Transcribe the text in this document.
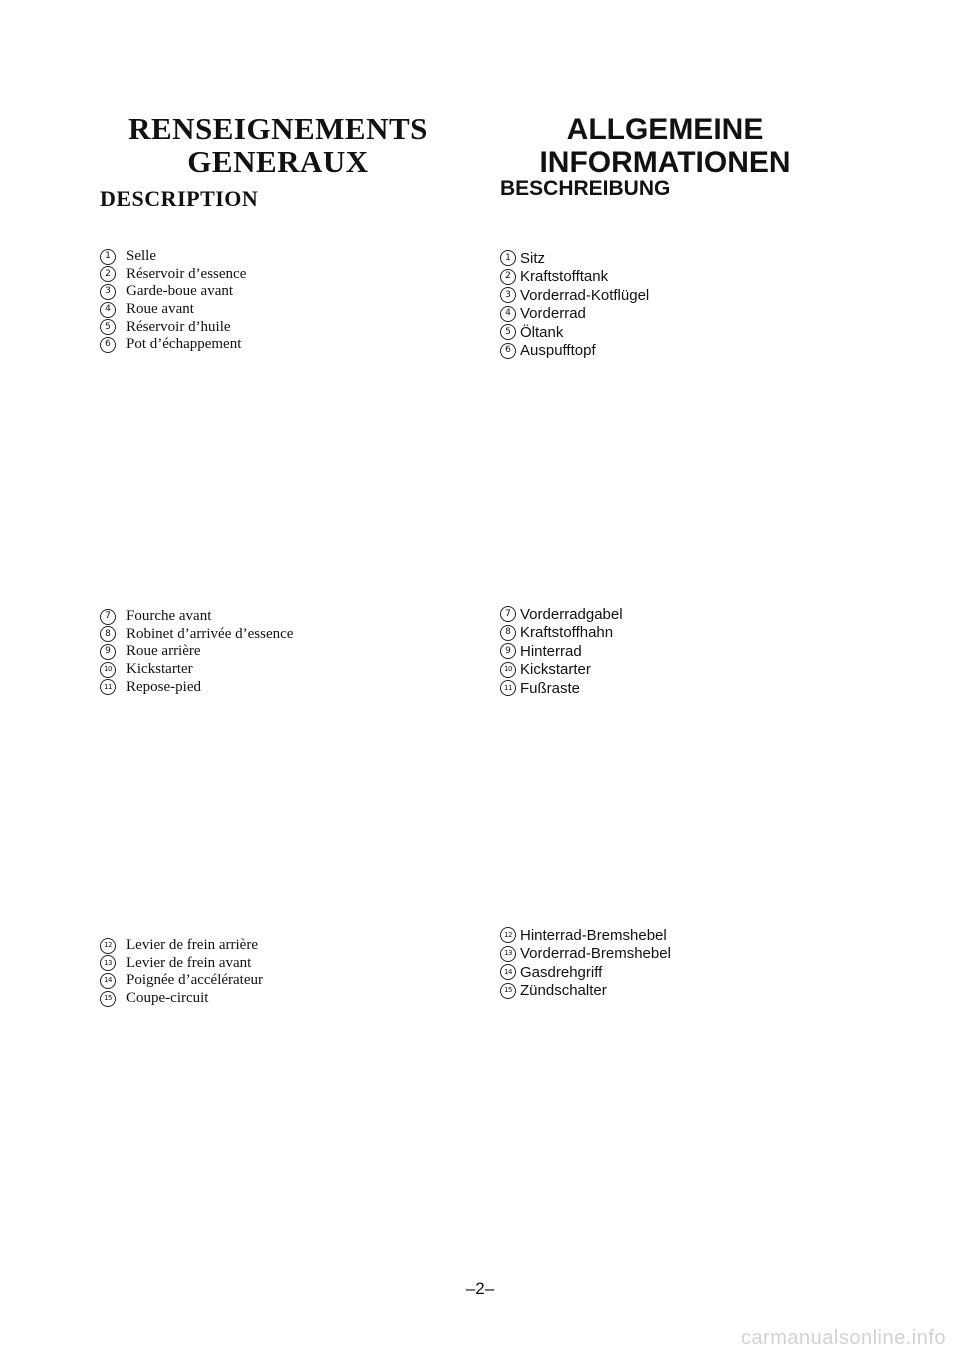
RENSEIGNEMENTS
GENERAUX
DESCRIPTION
ALLGEMEINE
INFORMATIONEN
BESCHREIBUNG
1	Selle
2	Réservoir d’essence
3	Garde-boue avant
4	Roue avant
5	Réservoir d’huile
6	Pot d’échappement
1 Sitz
2 Kraftstofftank
3 Vorderrad-Kotflügel
4 Vorderrad
5 Öltank
6 Auspufftopf
7	Fourche avant
8	Robinet d’arrivée d’essence
9	Roue arrière
10 Kickstarter
11 Repose-pied
7 Vorderradgabel
8 Kraftstoffhahn
9 Hinterrad
10 Kickstarter
11 Fußraste
12 Levier de frein arrière
13 Levier de frein avant
14 Poignée d’accélérateur
15 Coupe-circuit
12 Hinterrad-Bremshebel
13 Vorderrad-Bremshebel
14 Gasdrehgriff
15 Zündschalter
–2–
carmanualsonline.info
